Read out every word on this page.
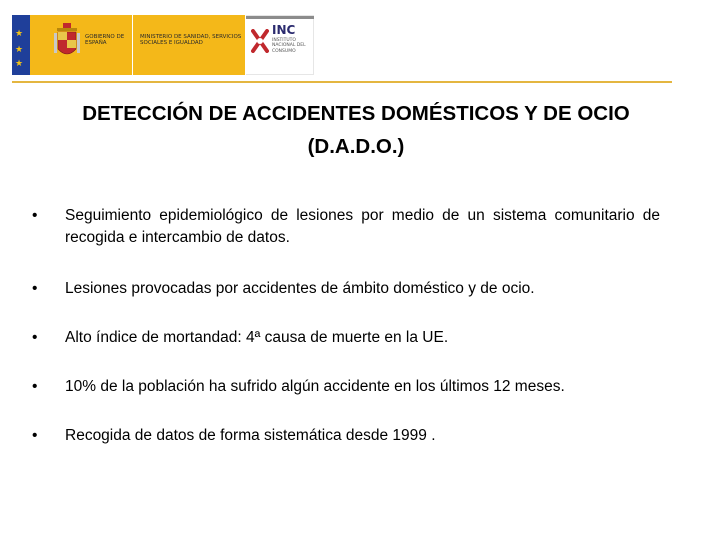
★
★
★
GOBIERNO DE ESPAÑA
MINISTERIO DE SANIDAD, SERVICIOS SOCIALES E IGUALDAD
INC
INSTITUTO NACIONAL DEL CONSUMO
DETECCIÓN DE ACCIDENTES DOMÉSTICOS Y DE OCIO (D.A.D.O.)
•	Seguimiento epidemiológico de lesiones por medio de un sistema comunitario de recogida e intercambio de datos.
•	Lesiones provocadas por accidentes de ámbito doméstico y de ocio.
•	Alto índice de mortandad: 4ª causa de muerte en la UE.
•	10% de la población ha sufrido algún accidente en los últimos 12 meses.
•	Recogida de datos de forma sistemática desde 1999 .
